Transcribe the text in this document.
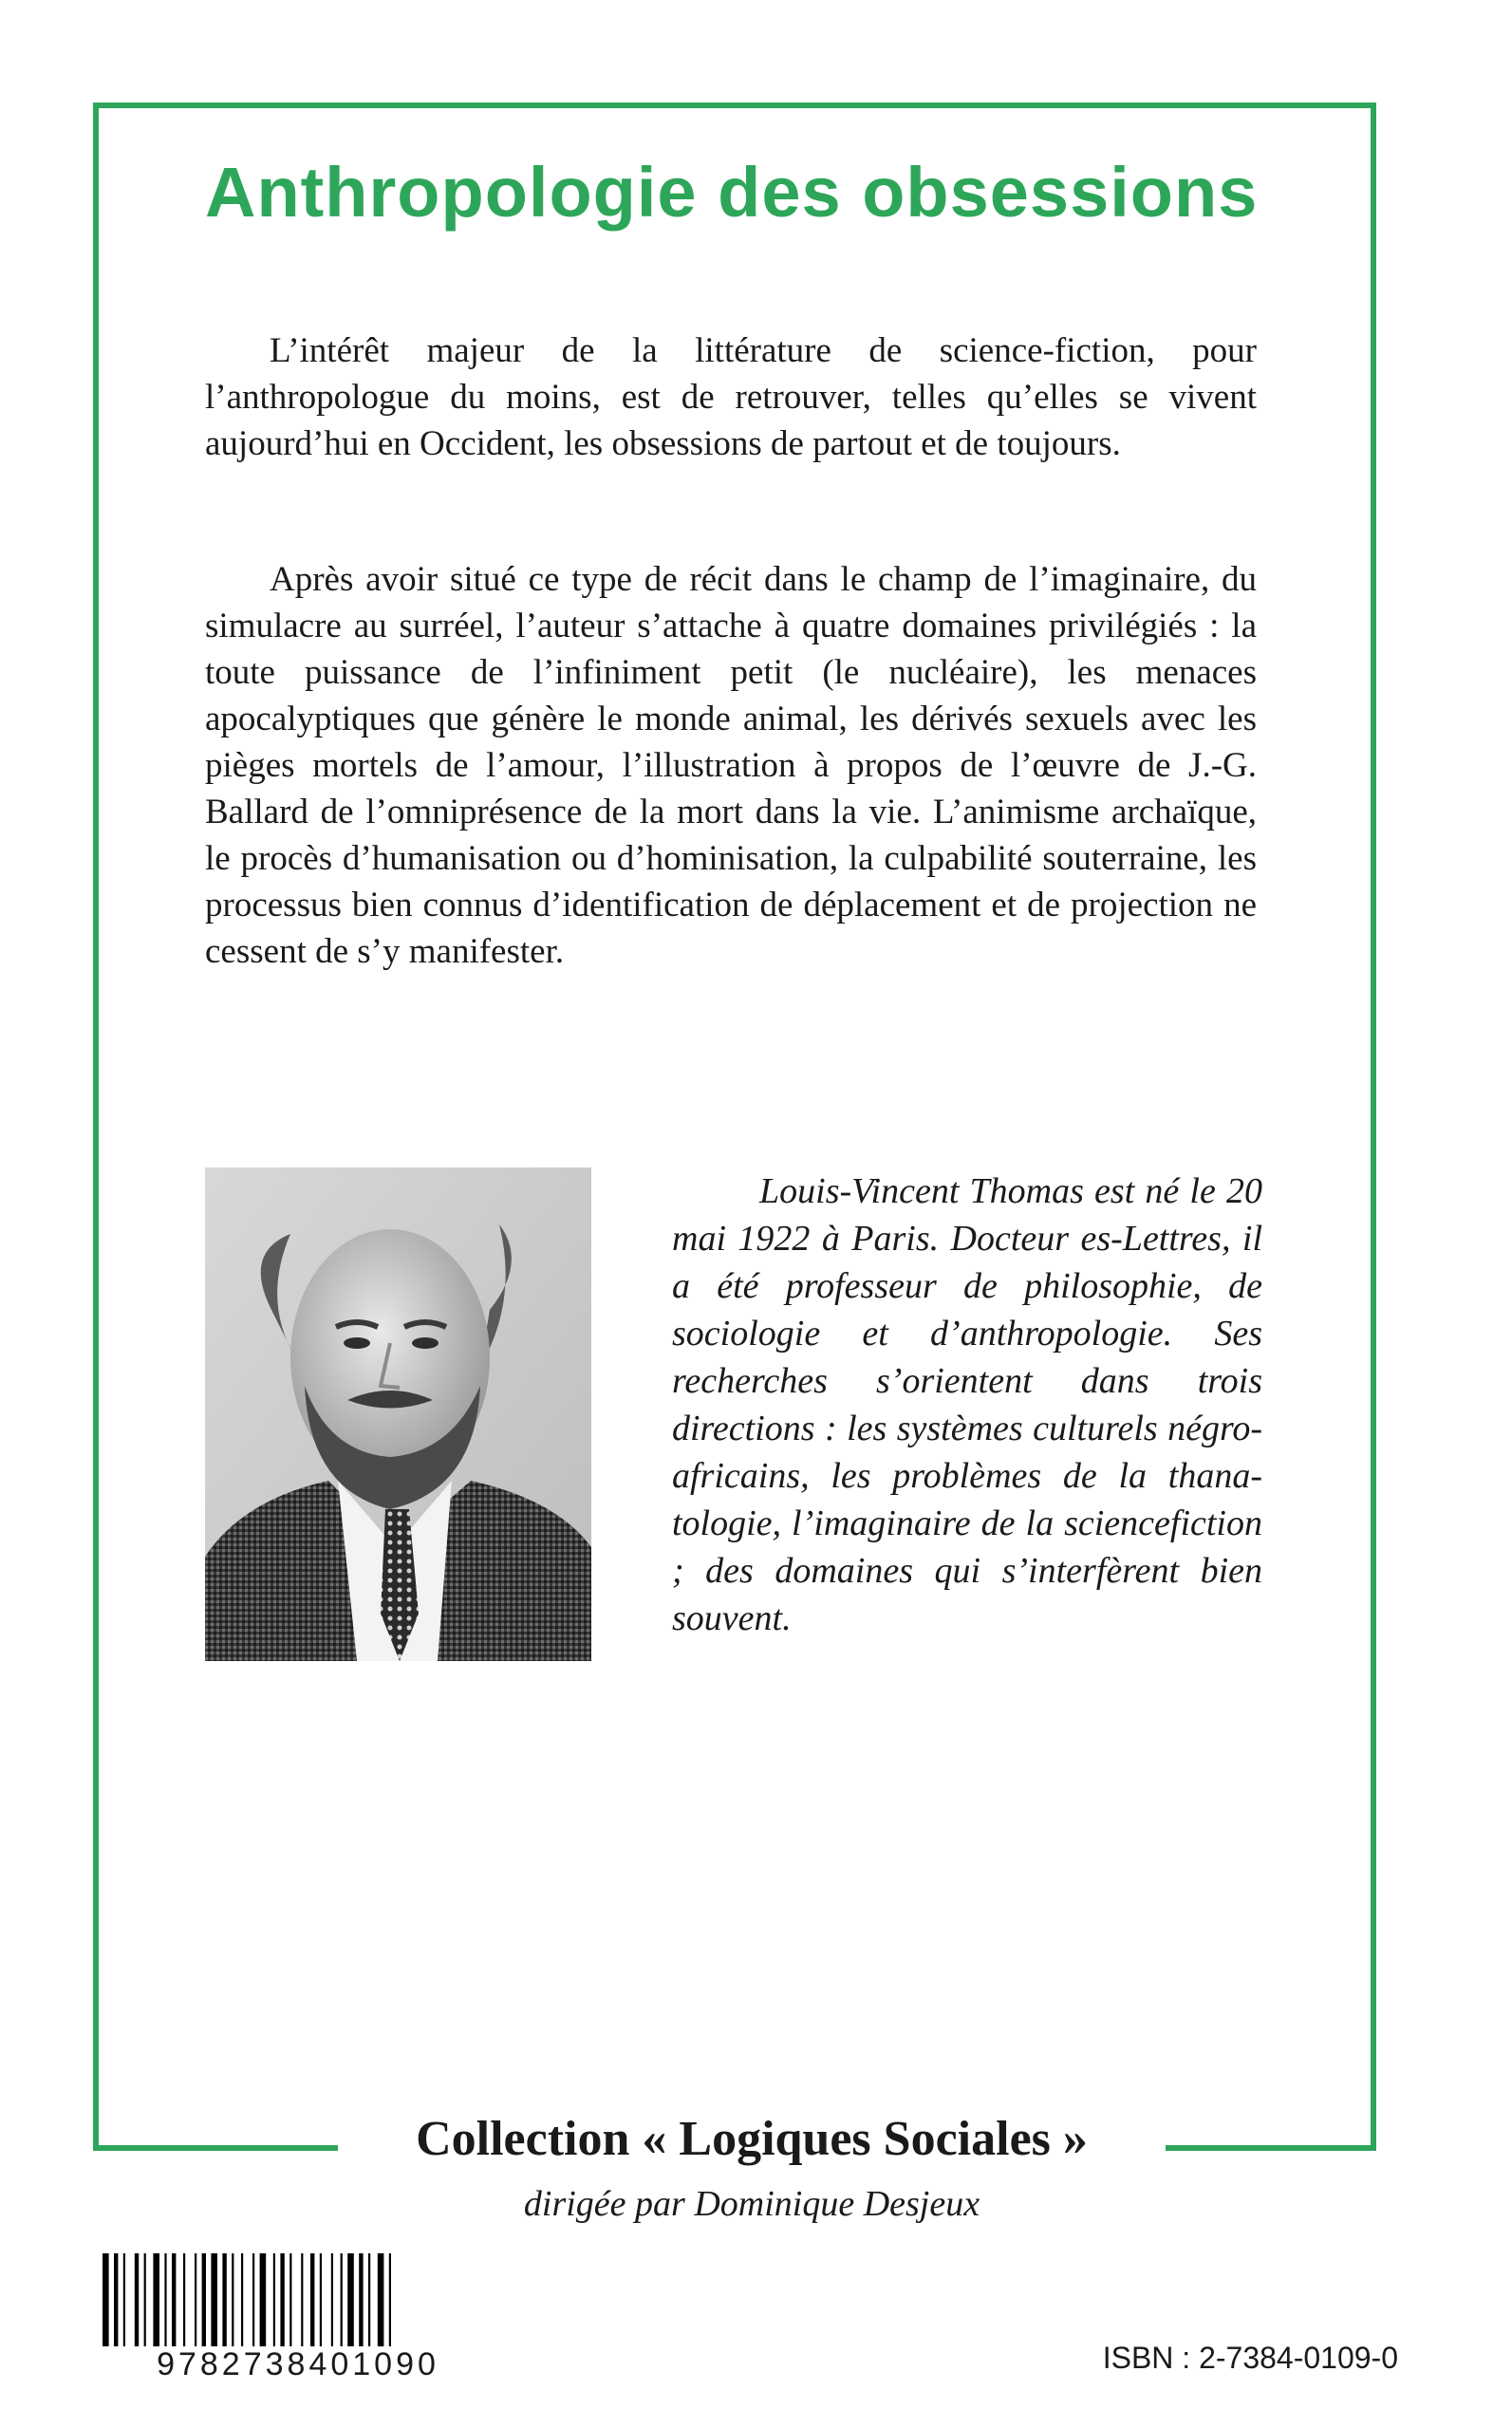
Anthropologie des obsessions

L’intérêt majeur de la littérature de science-fiction, pour l’anthropologue du moins, est de retrouver, telles qu’elles se vivent aujourd’hui en Occident, les obsessions de partout et de toujours.

Après avoir situé ce type de récit dans le champ de l’imaginaire, du simulacre au surréel, l’auteur s’attache à quatre domaines privilégiés : la toute puissance de l’infiniment petit (le nucléaire), les menaces apocalyptiques que génère le monde animal, les dérivés sexuels avec les pièges mortels de l’amour, l’illustration à propos de l’œuvre de J.-G. Ballard de l’omniprésence de la mort dans la vie. L’animisme archaïque, le procès d’humanisation ou d’hominisation, la culpabilité souterraine, les processus bien connus d’identification de déplacement et de projection ne cessent de s’y manifester.

Louis-Vincent Thomas est né le 20 mai 1922 à Paris. Docteur es-Lettres, il a été professeur de philosophie, de sociologie et d’anthropologie. Ses recherches s’orientent dans trois directions : les systèmes culturels négro-africains, les problèmes de la thanatologie, l’imaginaire de la sciencefiction ; des domaines qui s’interfèrent bien souvent.

Collection « Logiques Sociales »

dirigée par Dominique Desjeux

9782738401090	ISBN : 2-7384-0109-0
